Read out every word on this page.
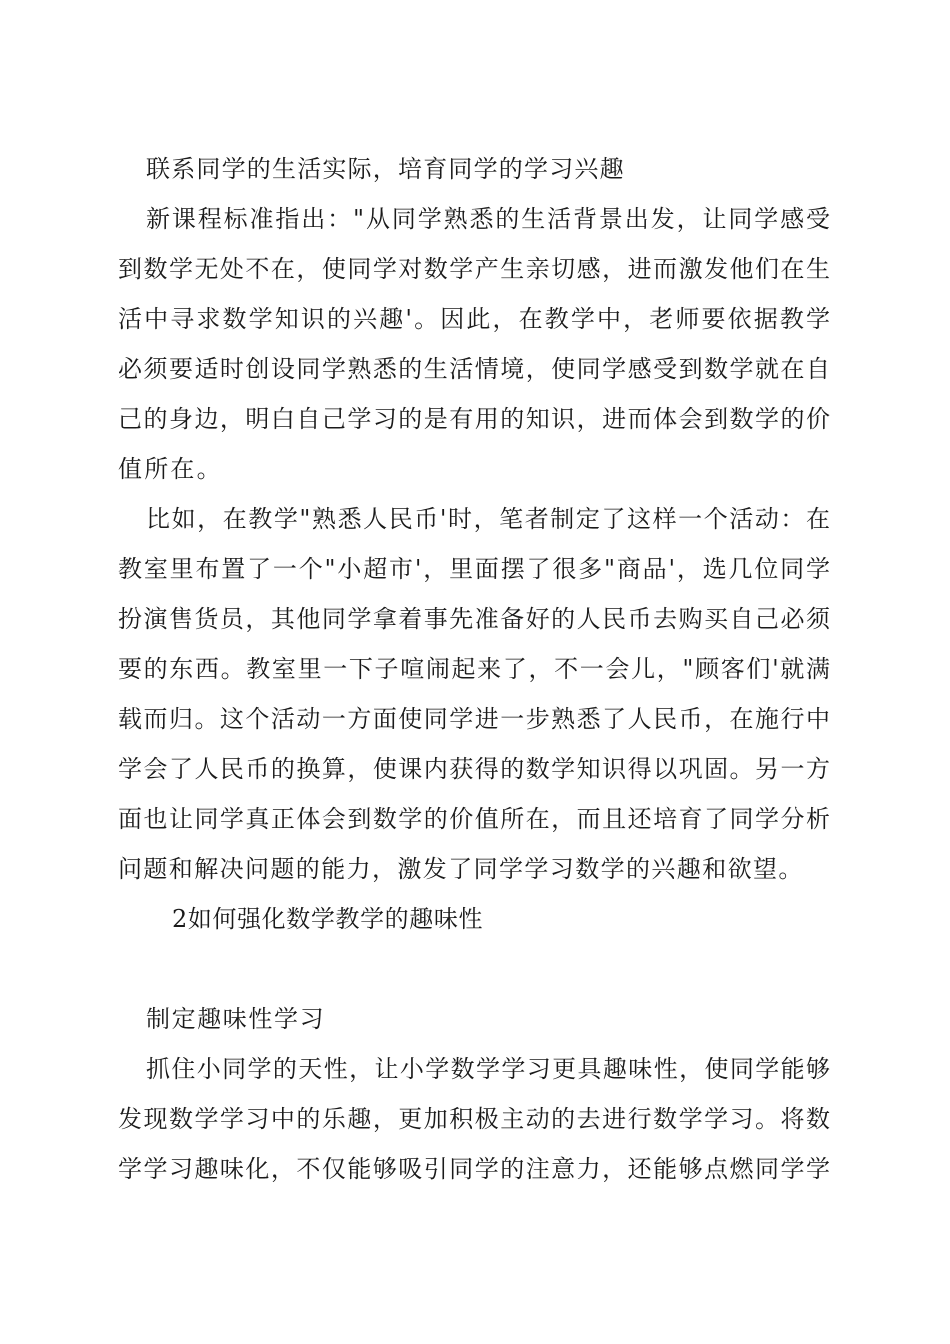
联系同学的生活实际，培育同学的学习兴趣
新课程标准指出："从同学熟悉的生活背景出发，让同学感受
到数学无处不在，使同学对数学产生亲切感，进而激发他们在生
活中寻求数学知识的兴趣'。因此，在教学中，老师要依据教学
必须要适时创设同学熟悉的生活情境，使同学感受到数学就在自
己的身边，明白自己学习的是有用的知识，进而体会到数学的价
值所在。
比如，在教学"熟悉人民币'时，笔者制定了这样一个活动：在
教室里布置了一个"小超市'，里面摆了很多"商品'，选几位同学
扮演售货员，其他同学拿着事先准备好的人民币去购买自己必须
要的东西。教室里一下子喧闹起来了，不一会儿，"顾客们'就满
载而归。这个活动一方面使同学进一步熟悉了人民币，在施行中
学会了人民币的换算，使课内获得的数学知识得以巩固。另一方
面也让同学真正体会到数学的价值所在，而且还培育了同学分析
问题和解决问题的能力，激发了同学学习数学的兴趣和欲望。
2如何强化数学教学的趣味性
制定趣味性学习
抓住小同学的天性，让小学数学学习更具趣味性，使同学能够
发现数学学习中的乐趣，更加积极主动的去进行数学学习。将数
学学习趣味化，不仅能够吸引同学的注意力，还能够点燃同学学
